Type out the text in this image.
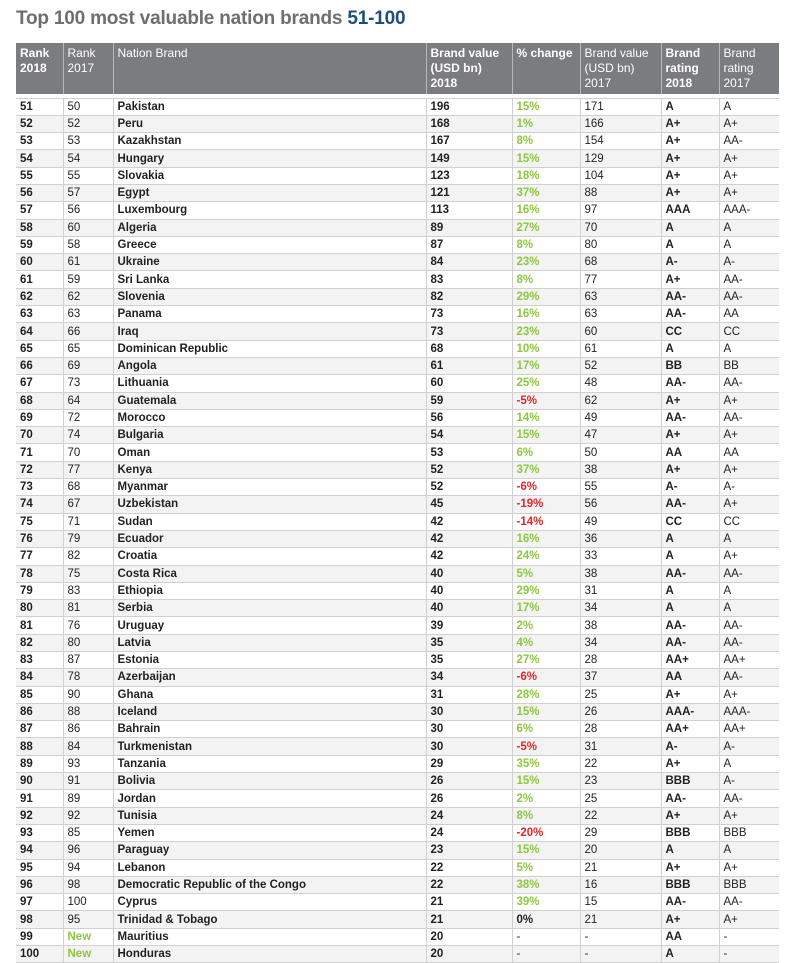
Top 100 most valuable nation brands 51-100
Rank 2018	Rank 2017	Nation Brand	Brand value (USD bn) 2018	% change	Brand value (USD bn) 2017	Brand rating 2018	Brand rating 2017

51	50	Pakistan	196	15%	171	A	A
52	52	Peru	168	1%	166	A+	A+
53	53	Kazakhstan	167	8%	154	A+	AA-
54	54	Hungary	149	15%	129	A+	A+
55	55	Slovakia	123	18%	104	A+	A+
56	57	Egypt	121	37%	88	A+	A+
57	56	Luxembourg	113	16%	97	AAA	AAA-
58	60	Algeria	89	27%	70	A	A
59	58	Greece	87	8%	80	A	A
60	61	Ukraine	84	23%	68	A-	A-
61	59	Sri Lanka	83	8%	77	A+	AA-
62	62	Slovenia	82	29%	63	AA-	AA-
63	63	Panama	73	16%	63	AA-	AA
64	66	Iraq	73	23%	60	CC	CC
65	65	Dominican Republic	68	10%	61	A	A
66	69	Angola	61	17%	52	BB	BB
67	73	Lithuania	60	25%	48	AA-	AA-
68	64	Guatemala	59	-5%	62	A+	A+
69	72	Morocco	56	14%	49	AA-	AA-
70	74	Bulgaria	54	15%	47	A+	A+
71	70	Oman	53	6%	50	AA	AA
72	77	Kenya	52	37%	38	A+	A+
73	68	Myanmar	52	-6%	55	A-	A-
74	67	Uzbekistan	45	-19%	56	AA-	A+
75	71	Sudan	42	-14%	49	CC	CC
76	79	Ecuador	42	16%	36	A	A
77	82	Croatia	42	24%	33	A	A+
78	75	Costa Rica	40	5%	38	AA-	AA-
79	83	Ethiopia	40	29%	31	A	A
80	81	Serbia	40	17%	34	A	A
81	76	Uruguay	39	2%	38	AA-	AA-
82	80	Latvia	35	4%	34	AA-	AA-
83	87	Estonia	35	27%	28	AA+	AA+
84	78	Azerbaijan	34	-6%	37	AA	AA-
85	90	Ghana	31	28%	25	A+	A+
86	88	Iceland	30	15%	26	AAA-	AAA-
87	86	Bahrain	30	6%	28	AA+	AA+
88	84	Turkmenistan	30	-5%	31	A-	A-
89	93	Tanzania	29	35%	22	A+	A
90	91	Bolivia	26	15%	23	BBB	A-
91	89	Jordan	26	2%	25	AA-	AA-
92	92	Tunisia	24	8%	22	A+	A+
93	85	Yemen	24	-20%	29	BBB	BBB
94	96	Paraguay	23	15%	20	A	A
95	94	Lebanon	22	5%	21	A+	A+
96	98	Democratic Republic of the Congo	22	38%	16	BBB	BBB
97	100	Cyprus	21	39%	15	AA-	AA-
98	95	Trinidad & Tobago	21	0%	21	A+	A+
99	New	Mauritius	20	-	-	AA	-
100	New	Honduras	20	-	-	A	-
